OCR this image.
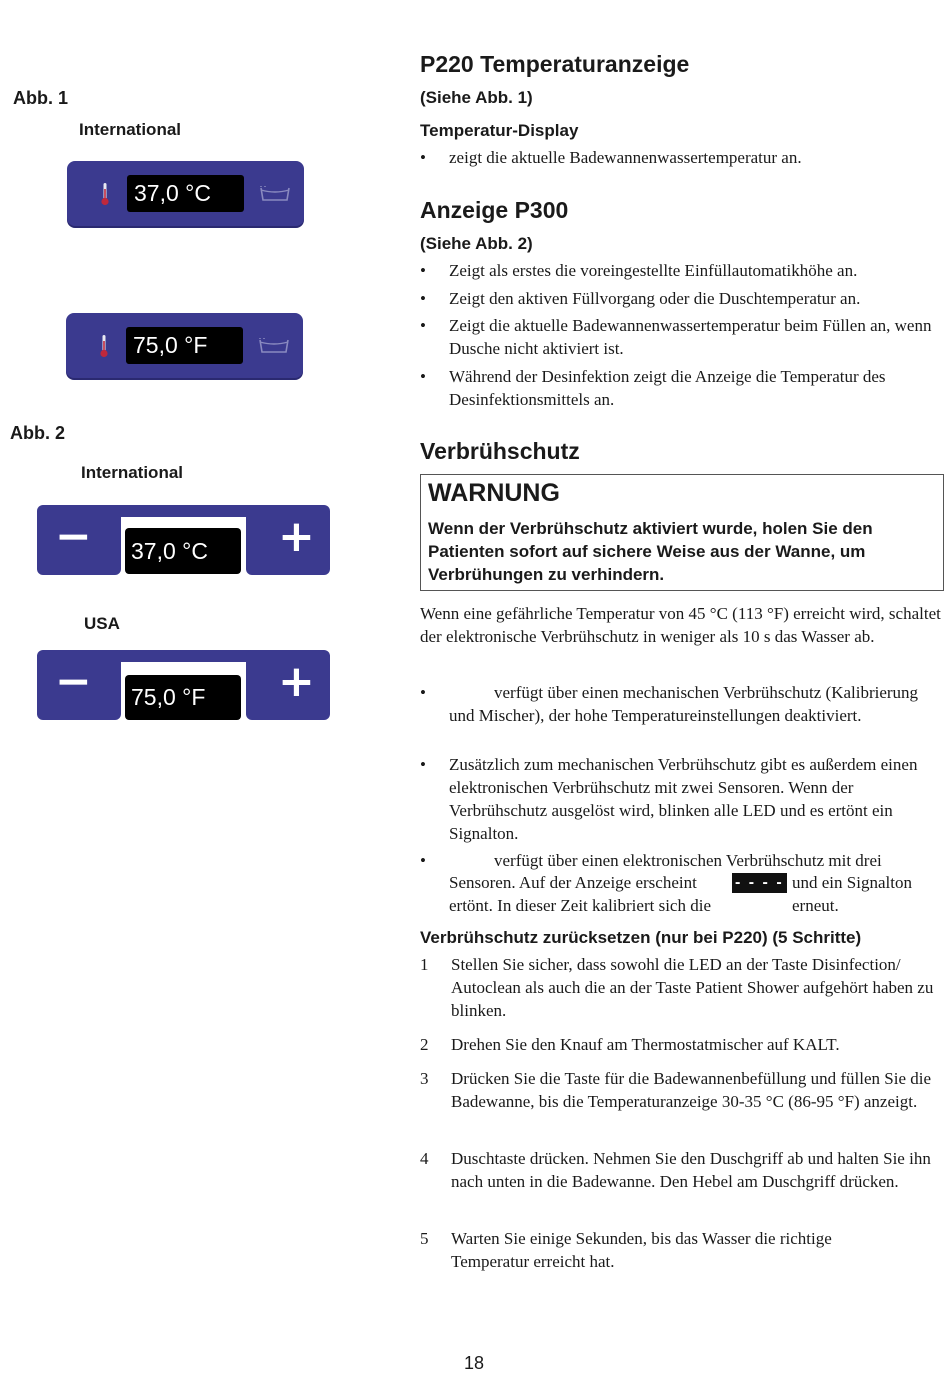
Abb. 1
International
37,0 °C
75,0 °F
Abb. 2
International
−	+
37,0 °C
USA
−	+
75,0 °F
P220 Temperaturanzeige
(Siehe Abb. 1)
Temperatur-Display
• zeigt die aktuelle Badewannenwassertemperatur an.
Anzeige P300
(Siehe Abb. 2)
• Zeigt als erstes die voreingestellte Einfüllautomatikhöhe an.
• Zeigt den aktiven Füllvorgang oder die Duschtemperatur an.
• Zeigt die aktuelle Badewannenwassertemperatur beim Füllen an, wenn Dusche nicht aktiviert ist.
• Während der Desinfektion zeigt die Anzeige die Temperatur des Desinfektionsmittels an.
Verbrühschutz
WARNUNG
Wenn der Verbrühschutz aktiviert wurde, holen Sie den Patienten sofort auf sichere Weise aus der Wanne, um Verbrühungen zu verhindern.
Wenn eine gefährliche Temperatur von 45 °C (113 °F) erreicht wird, schaltet der elektronische Verbrühschutz in weniger als 10 s das Wasser ab.
•	verfügt über einen mechanischen Verbrühschutz (Kalibrierung und Mischer), der hohe Temperatureinstellungen deaktiviert.
• Zusätzlich zum mechanischen Verbrühschutz gibt es außerdem einen elektronischen Verbrühschutz mit zwei Sensoren. Wenn der Verbrühschutz ausgelöst wird, blinken alle LED und es ertönt ein Signalton.
•	verfügt über einen elektronischen Verbrühschutz mit drei
Sensoren. Auf der Anzeige erscheint - - - - und ein Signalton
ertönt. In dieser Zeit kalibriert sich die	erneut.
Verbrühschutz zurücksetzen (nur bei P220) (5 Schritte)
1 Stellen Sie sicher, dass sowohl die LED an der Taste Disinfection/ Autoclean als auch die an der Taste Patient Shower aufgehört haben zu blinken.
2 Drehen Sie den Knauf am Thermostatmischer auf KALT.
3 Drücken Sie die Taste für die Badewannenbefüllung und füllen Sie die Badewanne, bis die Temperaturanzeige 30-35 °C (86-95 °F) anzeigt.
4 Duschtaste drücken. Nehmen Sie den Duschgriff ab und halten Sie ihn nach unten in die Badewanne. Den Hebel am Duschgriff drücken.
5 Warten Sie einige Sekunden, bis das Wasser die richtige Temperatur erreicht hat.
18
